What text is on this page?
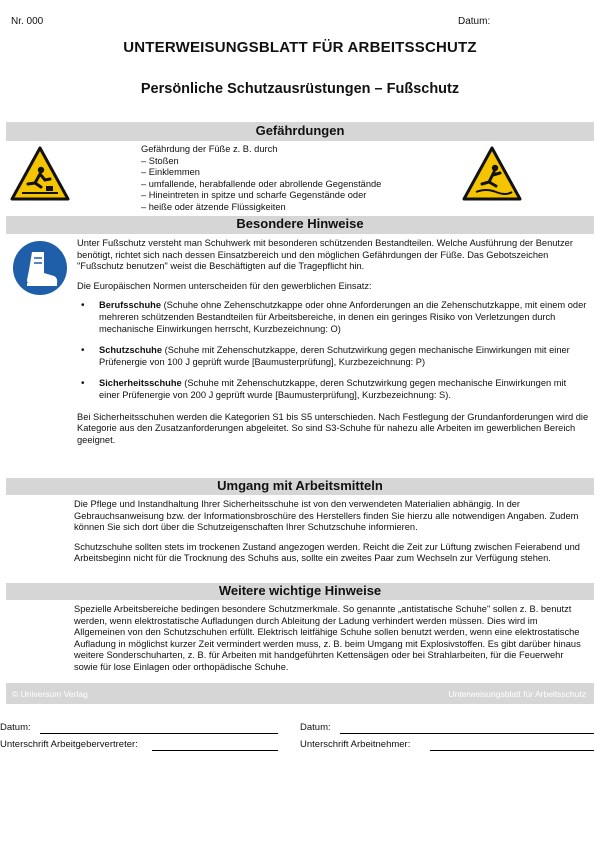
Nr. 000	Datum:
UNTERWEISUNGSBLATT FÜR ARBEITSSCHUTZ
Persönliche Schutzausrüstungen – Fußschutz
Gefährdungen
Gefährdung der Füße z. B. durch
– Stoßen
– Einklemmen
– umfallende, herabfallende oder abrollende Gegenstände
– Hineintreten in spitze und scharfe Gegenstände oder
– heiße oder ätzende Flüssigkeiten
Besondere Hinweise

Unter Fußschutz versteht man Schuhwerk mit besonderen schützenden Bestandteilen. Welche Ausführung der Benutzer benötigt, richtet sich nach dessen Einsatzbereich und den möglichen Gefährdungen der Füße. Das Gebotszeichen "Fußschutz benutzen" weist die Beschäftigten auf die Tragepflicht hin.

Die Europäischen Normen unterscheiden für den gewerblichen Einsatz:

• Berufsschuhe (Schuhe ohne Zehenschutzkappe oder ohne Anforderungen an die Zehenschutzkappe, mit einem oder mehreren schützenden Bestandteilen für Arbeitsbereiche, in denen ein geringes Risiko von Verletzungen durch mechanische Einwirkungen herrscht, Kurzbezeichnung: O)
• Schutzschuhe (Schuhe mit Zehenschutzkappe, deren Schutzwirkung gegen mechanische Einwirkungen mit einer Prüfenergie von 100 J geprüft wurde [Baumusterprüfung], Kurzbezeichnung: P)
• Sicherheitsschuhe (Schuhe mit Zehenschutzkappe, deren Schutzwirkung gegen mechanische Einwirkungen mit einer Prüfenergie von 200 J geprüft wurde [Baumusterprüfung], Kurzbezeichnung: S).

Bei Sicherheitsschuhen werden die Kategorien S1 bis S5 unterschieden. Nach Festlegung der Grundanforderungen wird die Kategorie aus den Zusatzanforderungen abgeleitet. So sind S3-Schuhe für nahezu alle Arbeiten im gewerblichen Bereich geeignet.

Umgang mit Arbeitsmitteln

Die Pflege und Instandhaltung Ihrer Sicherheitsschuhe ist von den verwendeten Materialien abhängig. In der Gebrauchsanweisung bzw. der Informationsbroschüre des Herstellers finden Sie hierzu alle notwendigen Angaben. Zudem können Sie sich dort über die Schutzeigenschaften Ihrer Schutzschuhe informieren.

Schutzschuhe sollten stets im trockenen Zustand angezogen werden. Reicht die Zeit zur Lüftung zwischen Feierabend und Arbeitsbeginn nicht für die Trocknung des Schuhs aus, sollte ein zweites Paar zum Wechseln zur Verfügung stehen.

Weitere wichtige Hinweise

Spezielle Arbeitsbereiche bedingen besondere Schutzmerkmale. So genannte „antistatische Schuhe" sollen z. B. benutzt werden, wenn elektrostatische Aufladungen durch Ableitung der Ladung verhindert werden müssen. Dies wird im Allgemeinen von den Schutzschuhen erfüllt. Elektrisch leitfähige Schuhe sollen benutzt werden, wenn eine elektrostatische Aufladung in möglichst kurzer Zeit vermindert werden muss, z. B. beim Umgang mit Explosivstoffen. Es gibt darüber hinaus weitere Sonderschuharten, z. B. für Arbeiten mit handgeführten Kettensägen oder bei Strahlarbeiten, für die Feuerwehr sowie für lose Einlagen oder orthopädische Schuhe.

© Universum Verlag	Unterweisungsblatt für Arbeitsschutz
Datum:	Datum:
Unterschrift Arbeitgebervertreter:	Unterschrift Arbeitnehmer:
